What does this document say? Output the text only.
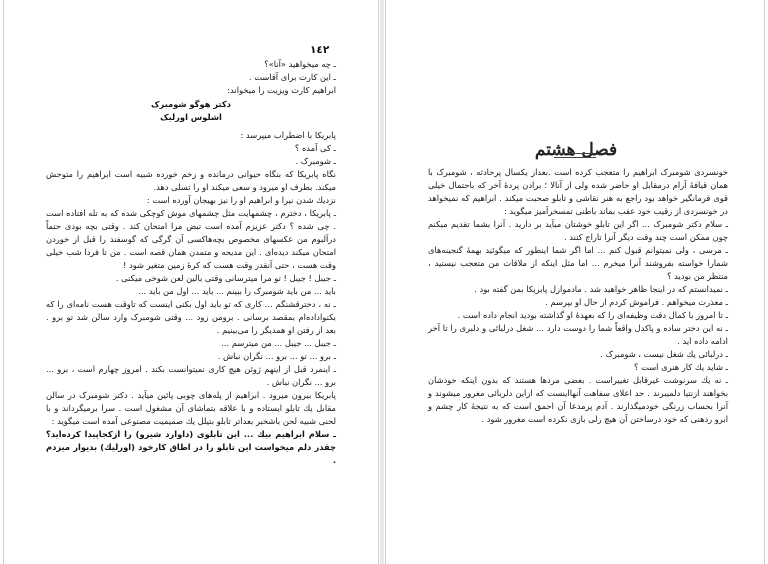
١٤٢

ـ چه میخواهید «آنا»؟

ـ این کارت برای آقاست .

ابراهیم کارت ویزیت را میخواند:

دکتر هوگو شومبرک

اشلوس اورلیک

پابریکا با اضطراب میپرسد :

ـ کی آمده ؟

ـ شومبرک .

نگاه پابریکا که بنگاه حیوانی درمانده و زخم خورده شبیه است ابراهیم را متوحش میکند. بطرف او میرود و سعی میکند او را تسلی دهد.

نزدیك شدن نیرا و ابراهیم او را نیز بهیجان آورده است :

ـ پابریکا ، دخترم ، چشمهایت مثل چشمهای موش کوچکی شده که به تله افتاده است . چی شده ؟ دکتر عزیزم آمده است تبض مرا امتحان کند . وقتی بچه بودی حتماً درآلبوم من عکسهای مخصوص بچه‌هاکسی آن گرگی که گوسفند را قبل از خوردن امتحان میکند دیده‌ای . این مدیحه و متمدن همان قصه است . من تا فردا شب خیلی وقت هست ، حتی آنقدر وقت هست که کرهٔ زمین متغیر شود !

ـ جیبل ! جیبل ! تو مرا میترسانی وقتی بالین لعن شوخی میکنی .

باید ... من باید شومبرک را ببینم ... باید ... اول من باید ...

ـ نه ، دخترقشنگم ... کاری که تو باید اول بکنی اینست که تاوقت هست نامه‌ای را که بکنواداده‌ام بمقصد برسانی . برومن زود ... وقتی شومبرک وارد سالن شد تو برو . بعد از رفتن او همدیگر را می‌بینیم .

ـ جیبل ... جیبل ... من میترسم ...

ـ برو ... تو ... برو ... نگران نباش .

ـ اینمرد قبل از اینهم ژوئن هیچ کاری نمیتوانست بکند . امروز چهارم است ، برو ... برو ... نگران نباش .

پابریکا بیرون میرود . ابراهیم از پله‌های چوبی پائین میآید . دکتر شومبرک در سالن مقابل یك تابلو ایستاده و با علاقه بتماشای آن مشغول است . سرا برمیگرداند و با لحنی شبیه لحن باشخبر بعداتر تابلو بتیلل یك صمیمیت مصنوعی آمده است میگوید :

ـ سلام ابراهیم بیك ... این تابلوی (داوارد شیرو) را ازکجاپیدا کرده‌اید؟ چقدر دلم میخواست این تابلو را در اطاق کارخود (اورلیك) بدیوار میزدم .

فصل هشتم

خونسردی شومبرک ابراهیم را متعجب کرده است .بعداز یکسال پرحادثه ، شومبرک با همان قیافهٔ آرام درمقابل او حاضر شده ولی از آنالا ؛ برادن پردهٔ آخر که باحتمال خیلی قوی فرمانگیر خواهد بود راجع به هنر نقاشی و تابلو صحبت میکند . ابراهیم که نمیخواهد در خونسردی از رقیب خود عقب بماند باطنی تمسخرآمیز میگوید :

ـ سلام دکتر شومبرک ... اگر این تابلو خوشتان میآید بر دارید . آنرا بشما تقدیم میکنم چون ممکن است چند وقت دیگر آنرا تاراج کنند .

ـ مرسی ، ولی نمیتوانم قبول کنم ... اما اگر شما اینطور که میگوئید بهمهٔ گنجینه‌های شمارا خواسته بفروشند آنرا میخرم ... اما مثل اینکه از ملاقات من متعجب نیستید ، منتظر من بودید ؟

ـ نمیدانستم که در اینجا ظاهر خواهید شد . مادموازل پابریکا بمن گفته بود .

ـ معذرت میخواهم . فراموش کردم از حال او بپرسم .

ـ تا امروز با کمال دقت وظیفه‌ای را که بعهدهٔ او گذاشته بودید انجام داده است .

ـ نه این دختر ساده و پاکدل واقعاً شما را دوست دارد ... شغل درلبائی و دلبری را تا آخر ادامه داده اید .

ـ درلبائی یك شغل نیست ، شومبرک .

ـ شاید یك کار هنری است ؟

ـ نه یك سرنوشت غیرقابل تغییراست . بعضی مردها هستند که بدون اینکه خودشان بخواهند ازنتیا دلمیبرند . حد اعلای سفاهت آنهااینست که ازاین دلربائی مغرور میشوند و آنرا بحساب زرنگی خودمیگذارند . آدم پرمدعا آن احمق است که به نتیجهٔ کار چشم و ابرو ردهنی که خود درساختن آن هیچ رلی بازی نکرده است مغرور شود .
